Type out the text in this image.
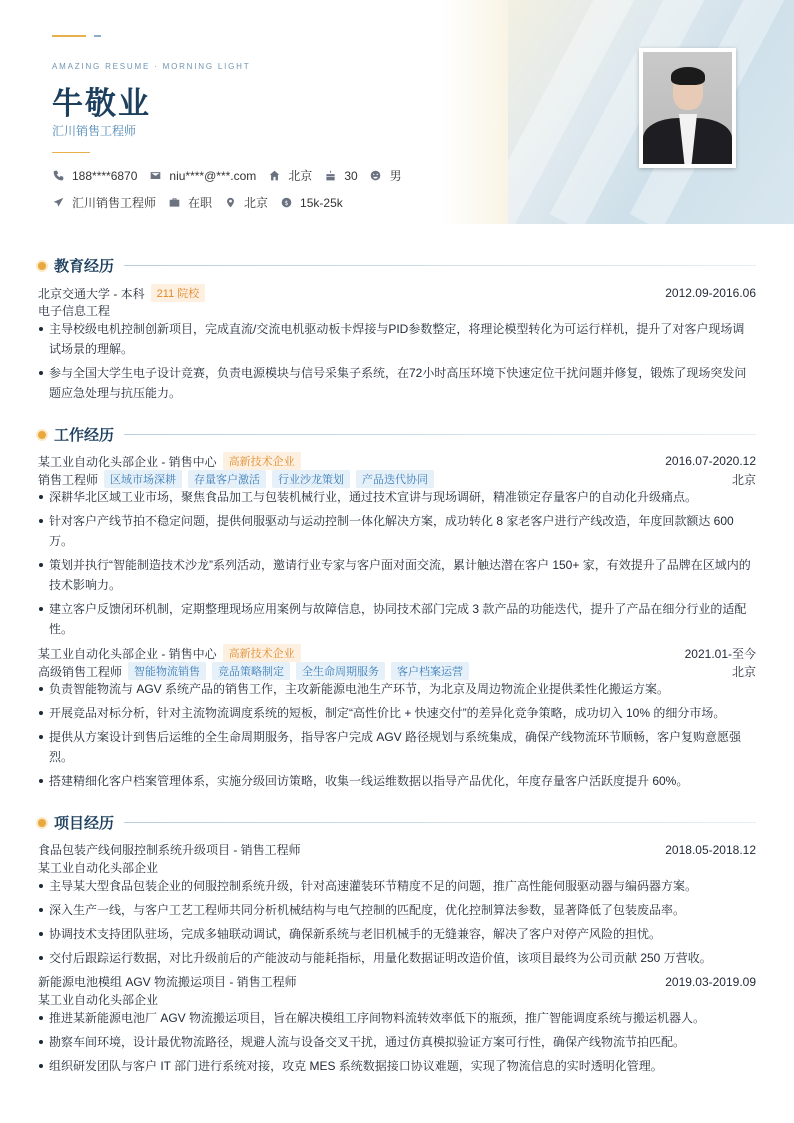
AMAZING RESUME · MORNING LIGHT
牛敬业
汇川销售工程师
188****6870	niu****@***.com	北京	30	男
汇川销售工程师	在职	北京 $ 15k-25k
教育经历
北京交通大学 - 本科	211 院校	2012.09-2016.06
电子信息工程
主导校级电机控制创新项目，完成直流/交流电机驱动板卡焊接与PID参数整定，将理论模型转化为可运行样机，提升了对客户现场调试场景的理解。
参与全国大学生电子设计竞赛，负责电源模块与信号采集子系统，在72小时高压环境下快速定位干扰问题并修复，锻炼了现场突发问题应急处理与抗压能力。
工作经历
某工业自动化头部企业 - 销售中心	高新技术企业	2016.07-2020.12
销售工程师	区域市场深耕	存量客户激活	行业沙龙策划	产品迭代协同	北京
深耕华北区域工业市场，聚焦食品加工与包装机械行业，通过技术宣讲与现场调研，精准锁定存量客户的自动化升级痛点。
针对客户产线节拍不稳定问题，提供伺服驱动与运动控制一体化解决方案，成功转化 8 家老客户进行产线改造，年度回款额达 600 万。
策划并执行“智能制造技术沙龙”系列活动，邀请行业专家与客户面对面交流，累计触达潜在客户 150+ 家，有效提升了品牌在区域内的技术影响力。
建立客户反馈闭环机制，定期整理现场应用案例与故障信息，协同技术部门完成 3 款产品的功能迭代，提升了产品在细分行业的适配性。
某工业自动化头部企业 - 销售中心	高新技术企业	2021.01-至今
高级销售工程师	智能物流销售	竞品策略制定	全生命周期服务	客户档案运营	北京
负责智能物流与 AGV 系统产品的销售工作，主攻新能源电池生产环节，为北京及周边物流企业提供柔性化搬运方案。
开展竞品对标分析，针对主流物流调度系统的短板，制定“高性价比 + 快速交付”的差异化竞争策略，成功切入 10% 的细分市场。
提供从方案设计到售后运维的全生命周期服务，指导客户完成 AGV 路径规划与系统集成，确保产线物流环节顺畅，客户复购意愿强烈。
搭建精细化客户档案管理体系，实施分级回访策略，收集一线运维数据以指导产品优化，年度存量客户活跃度提升 60%。
项目经历
食品包装产线伺服控制系统升级项目 - 销售工程师	2018.05-2018.12
某工业自动化头部企业
主导某大型食品包装企业的伺服控制系统升级，针对高速灌装环节精度不足的问题，推广高性能伺服驱动器与编码器方案。
深入生产一线，与客户工艺工程师共同分析机械结构与电气控制的匹配度，优化控制算法参数，显著降低了包装废品率。
协调技术支持团队驻场，完成多轴联动调试，确保新系统与老旧机械手的无缝兼容，解决了客户对停产风险的担忧。
交付后跟踪运行数据，对比升级前后的产能波动与能耗指标，用量化数据证明改造价值，该项目最终为公司贡献 250 万营收。
新能源电池模组 AGV 物流搬运项目 - 销售工程师	2019.03-2019.09
某工业自动化头部企业
推进某新能源电池厂 AGV 物流搬运项目，旨在解决模组工序间物料流转效率低下的瓶颈，推广智能调度系统与搬运机器人。
勘察车间环境，设计最优物流路径，规避人流与设备交叉干扰，通过仿真模拟验证方案可行性，确保产线物流节拍匹配。
组织研发团队与客户 IT 部门进行系统对接，攻克 MES 系统数据接口协议难题，实现了物流信息的实时透明化管理。
